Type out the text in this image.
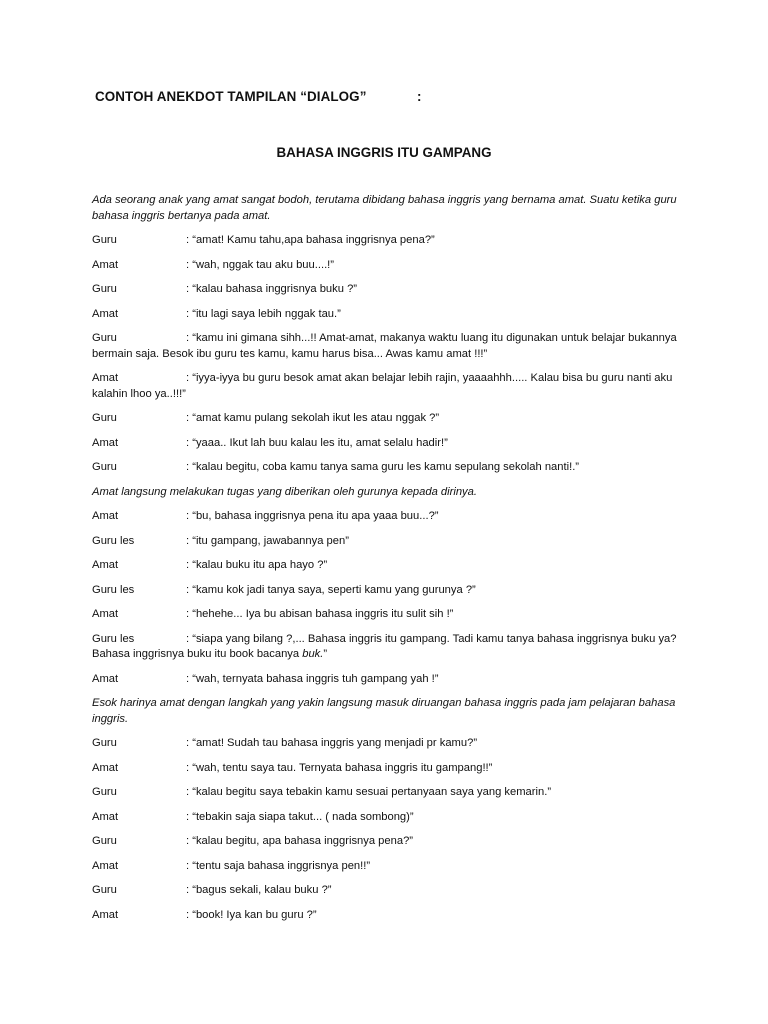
CONTOH ANEKDOT TAMPILAN “DIALOG”	:
BAHASA INGGRIS ITU GAMPANG

Ada seorang anak yang amat sangat bodoh, terutama dibidang bahasa inggris yang bernama amat. Suatu ketika guru bahasa inggris bertanya pada amat.

Guru	: “amat! Kamu tahu,apa bahasa inggrisnya pena?”
Amat	: “wah, nggak tau aku buu....!”
Guru	: “kalau bahasa inggrisnya buku ?”
Amat	: “itu lagi saya lebih nggak tau.”
Guru	: “kamu ini gimana sihh...!! Amat-amat, makanya waktu luang itu digunakan untuk belajar bukannya bermain saja. Besok ibu guru tes kamu, kamu harus bisa... Awas kamu amat !!!”
Amat	: “iyya-iyya bu guru besok amat akan belajar lebih rajin, yaaaahhh..... Kalau bisa bu guru nanti aku kalahin lhoo ya..!!!”
Guru	: “amat kamu pulang sekolah ikut les atau nggak ?”
Amat	: “yaaa.. Ikut lah buu kalau les itu, amat selalu hadir!”
Guru	: “kalau begitu, coba kamu tanya sama guru les kamu sepulang sekolah nanti!.”

Amat langsung melakukan tugas yang diberikan oleh gurunya kepada dirinya.

Amat	: “bu, bahasa inggrisnya pena itu apa yaaa buu...?”
Guru les	: “itu gampang, jawabannya pen”
Amat	: “kalau buku itu apa hayo ?”
Guru les	: “kamu kok jadi tanya saya, seperti kamu yang gurunya ?”
Amat	: “hehehe... Iya bu abisan bahasa inggris itu sulit sih !”
Guru les	: “siapa yang bilang ?,... Bahasa inggris itu gampang. Tadi kamu tanya bahasa inggrisnya buku ya? Bahasa inggrisnya buku itu book bacanya buk.”
Amat	: “wah, ternyata bahasa inggris tuh gampang yah !”

Esok harinya amat dengan langkah yang yakin langsung masuk diruangan bahasa inggris pada jam pelajaran bahasa inggris.

Guru	: “amat! Sudah tau bahasa inggris yang menjadi pr kamu?”
Amat	: “wah, tentu saya tau. Ternyata bahasa inggris itu gampang!!”
Guru	: “kalau begitu saya tebakin kamu sesuai pertanyaan saya yang kemarin.”
Amat	: “tebakin saja siapa takut... ( nada sombong)”
Guru	: “kalau begitu, apa bahasa inggrisnya pena?”
Amat	: “tentu saja bahasa inggrisnya pen!!”
Guru	: “bagus sekali, kalau buku ?”
Amat	: “book! Iya kan bu guru ?”
